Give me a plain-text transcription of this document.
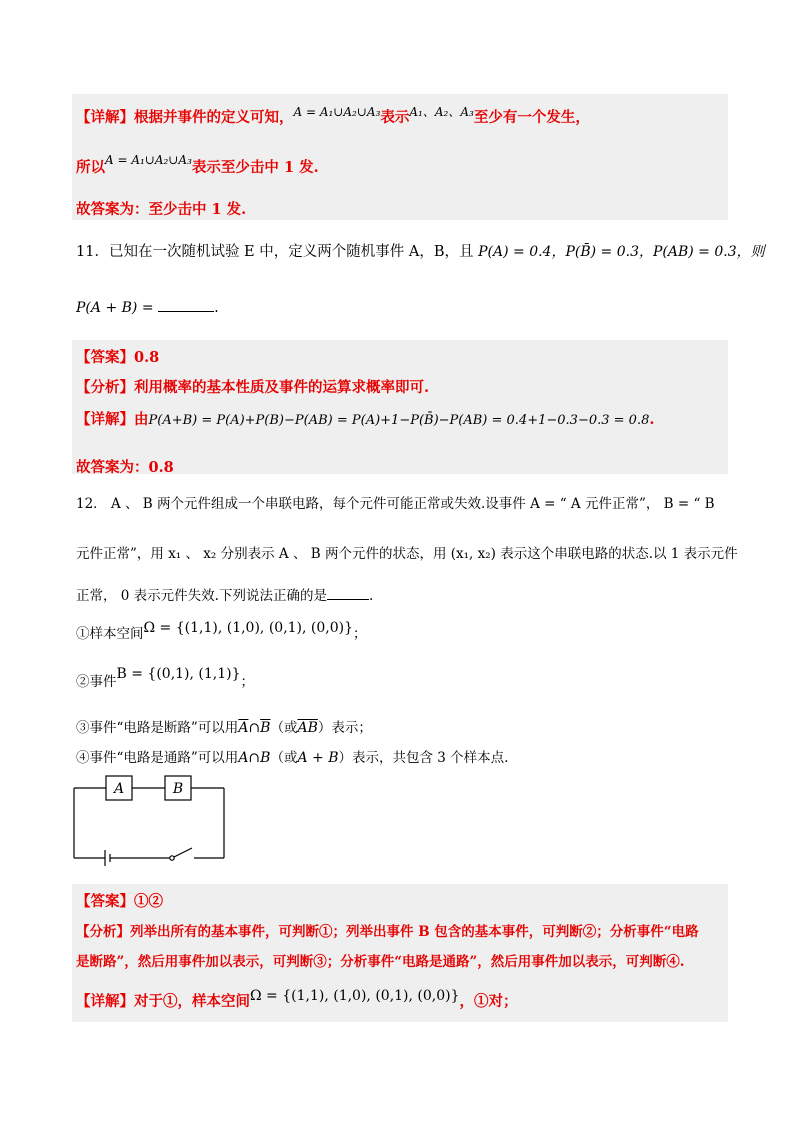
【详解】根据并事件的定义可知，$^{A = A_1\cup A_2\cup A_3}$表示$^{A_1、A_2、A_3}$至少有一个发生，
所以$^{A = A_1\cup A_2\cup A_3}$表示至少击中 1 发.
故答案为：至少击中 1 发.
11．已知在一次随机试验 E 中，定义两个随机事件 A，B，且 P(A) = 0.4，P(B̄) = 0.3，P(AB) = 0.3，则
P(A + B) =	.
【答案】0.8
【分析】利用概率的基本性质及事件的运算求概率即可.
【详解】由P(A+B) = P(A)+P(B)−P(AB) = P(A)+1−P(B̄)−P(AB) = 0.4+1−0.3−0.3 = 0.8.
故答案为：0.8
12． A 、 B 两个元件组成一个串联电路，每个元件可能正常或失效.设事件 A = “ A 元件正常”， B = “ B
元件正常”，用 x₁ 、 x₂ 分别表示 A 、 B 两个元件的状态，用 (x₁, x₂) 表示这个串联电路的状态.以 1 表示元件
正常， 0 表示元件失效.下列说法正确的是	.
①样本空间Ω = {(1,1), (1,0), (0,1), (0,0)}；
②事件B = {(0,1), (1,1)}；
③事件“电路是断路”可以用$\overline{A}\cap\overline{B}$（或$\overline{AB}$）表示；
④事件“电路是通路”可以用A∩B（或A + B）表示，共包含 3 个样本点.
A	B
【答案】①②
【分析】列举出所有的基本事件，可判断①；列举出事件 B 包含的基本事件，可判断②；分析事件“电路
是断路”，然后用事件加以表示，可判断③；分析事件“电路是通路”，然后用事件加以表示，可判断④.
【详解】对于①，样本空间Ω = {(1,1), (1,0), (0,1), (0,0)}，①对；
